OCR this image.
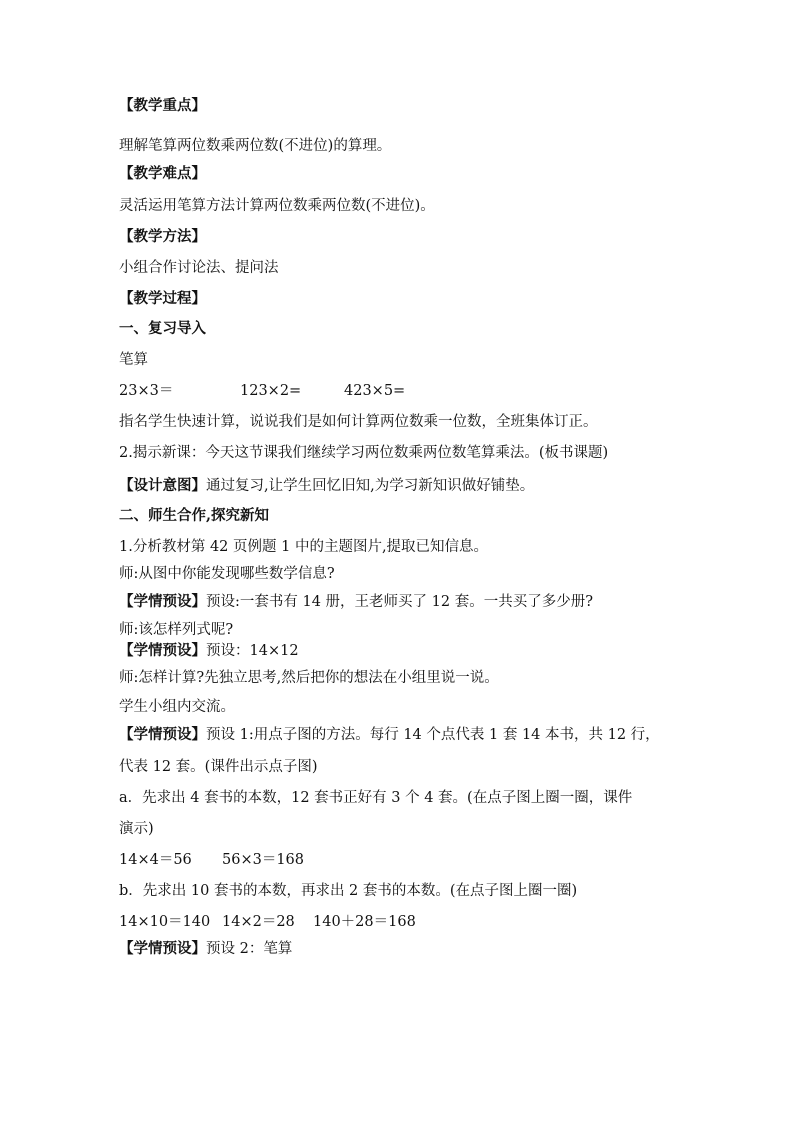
【教学重点】
理解笔算两位数乘两位数(不进位)的算理。
【教学难点】
灵活运用笔算方法计算两位数乘两位数(不进位)。
【教学方法】
小组合作讨论法、提问法
【教学过程】
一、复习导入
笔算
23×3＝	123×2=	423×5=
指名学生快速计算，说说我们是如何计算两位数乘一位数，全班集体订正。
2.揭示新课：今天这节课我们继续学习两位数乘两位数笔算乘法。(板书课题)
【设计意图】通过复习,让学生回忆旧知,为学习新知识做好铺垫。
二、师生合作,探究新知
1.分析教材第 42 页例题 1 中的主题图片,提取已知信息。
师:从图中你能发现哪些数学信息?
【学情预设】预设:一套书有 14 册，王老师买了 12 套。一共买了多少册?
师:该怎样列式呢?
【学情预设】预设：14×12
师:怎样计算?先独立思考,然后把你的想法在小组里说一说。
学生小组内交流。
【学情预设】预设 1:用点子图的方法。每行 14 个点代表 1 套 14 本书，共 12 行，
代表 12 套。(课件出示点子图)
a．先求出 4 套书的本数，12 套书正好有 3 个 4 套。(在点子图上圈一圈，课件
演示)
14×4＝56 56×3＝168
b．先求出 10 套书的本数，再求出 2 套书的本数。(在点子图上圈一圈)
14×10＝140 14×2＝28 140＋28＝168
【学情预设】预设 2：笔算
